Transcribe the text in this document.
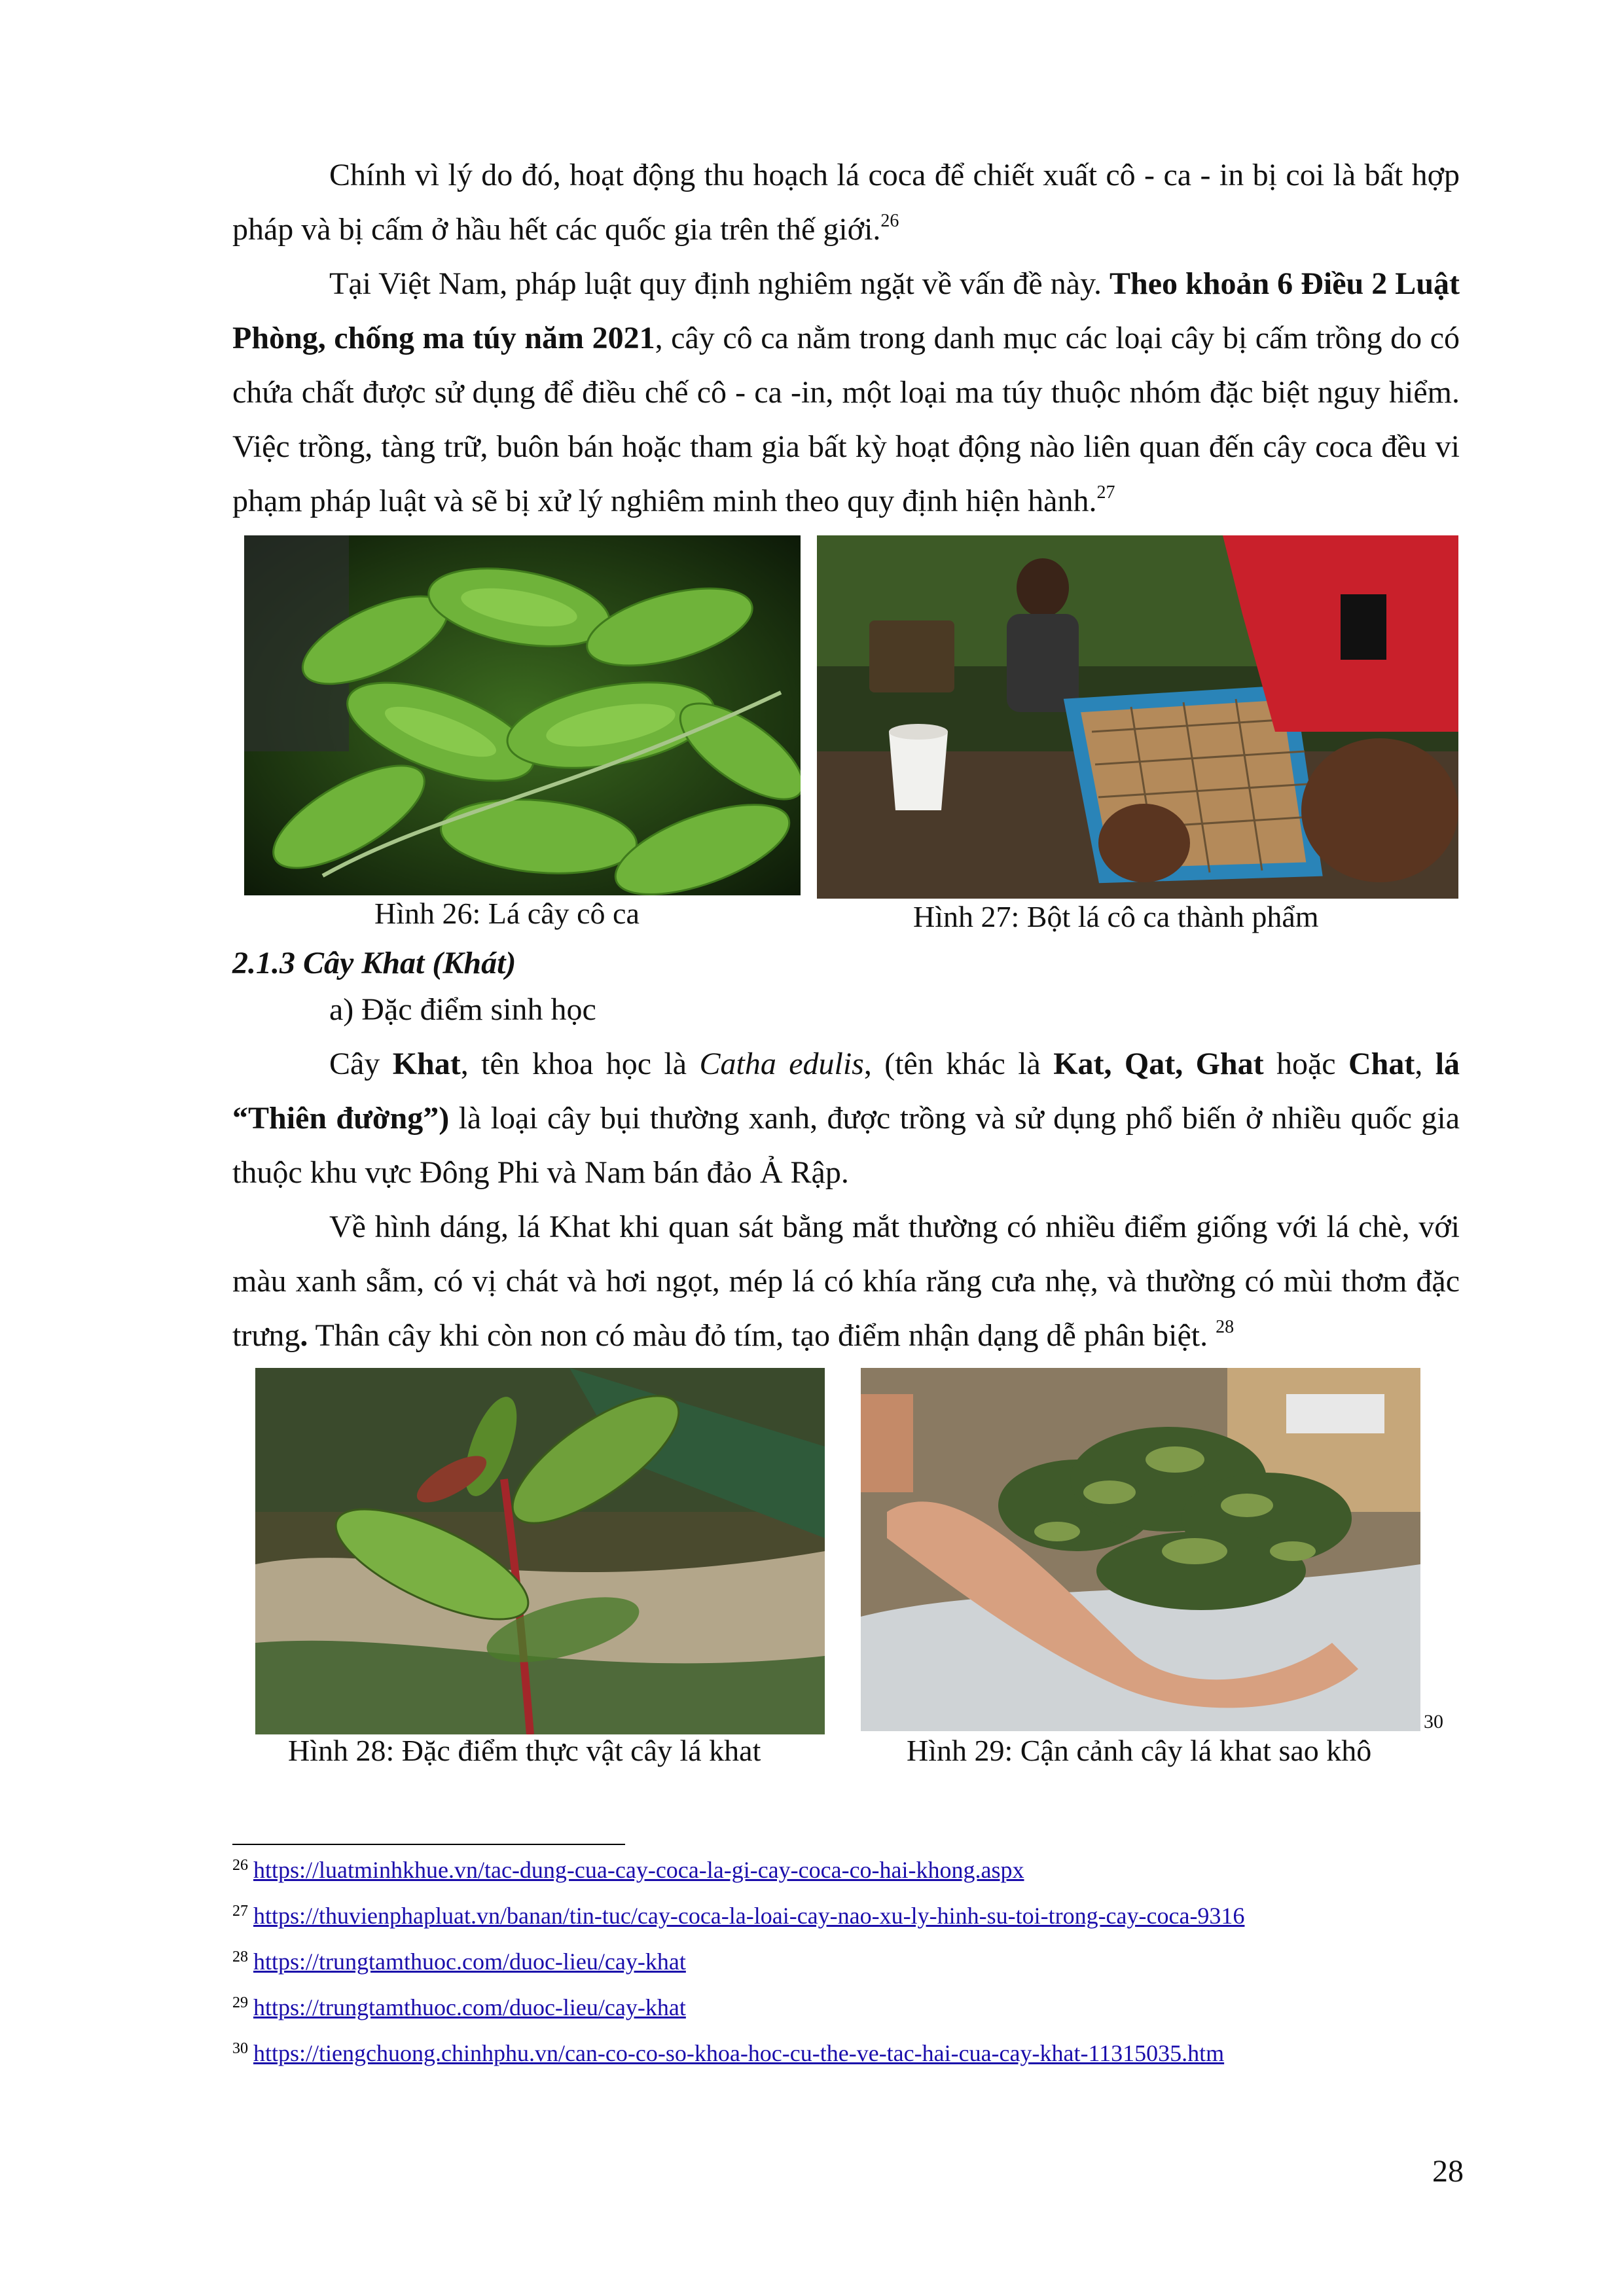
Chính vì lý do đó, hoạt động thu hoạch lá coca để chiết xuất cô - ca - in bị coi là bất hợp pháp và bị cấm ở hầu hết các quốc gia trên thế giới.$^{26}$

Tại Việt Nam, pháp luật quy định nghiêm ngặt về vấn đề này. Theo khoản 6 Điều 2 Luật Phòng, chống ma túy năm 2021, cây cô ca nằm trong danh mục các loại cây bị cấm trồng do có chứa chất được sử dụng để điều chế cô - ca -in, một loại ma túy thuộc nhóm đặc biệt nguy hiểm. Việc trồng, tàng trữ, buôn bán hoặc tham gia bất kỳ hoạt động nào liên quan đến cây coca đều vi phạm pháp luật và sẽ bị xử lý nghiêm minh theo quy định hiện hành.$^{27}$

Hình 26: Lá cây cô ca	Hình 27: Bột lá cô ca thành phẩm
2.1.3 Cây Khat (Khát)
a) Đặc điểm sinh học

Cây Khat, tên khoa học là Catha edulis, (tên khác là Kat, Qat, Ghat hoặc Chat, lá “Thiên đường”) là loại cây bụi thường xanh, được trồng và sử dụng phổ biến ở nhiều quốc gia thuộc khu vực Đông Phi và Nam bán đảo Ả Rập.

Về hình dáng, lá Khat khi quan sát bằng mắt thường có nhiều điểm giống với lá chè, với màu xanh sẫm, có vị chát và hơi ngọt, mép lá có khía răng cưa nhẹ, và thường có mùi thơm đặc trưng. Thân cây khi còn non có màu đỏ tím, tạo điểm nhận dạng dễ phân biệt. $^{28}$

30
Hình 28: Đặc điểm thực vật cây lá khat	Hình 29: Cận cảnh cây lá khat sao khô
$^{26}$ https://luatminhkhue.vn/tac-dung-cua-cay-coca-la-gi-cay-coca-co-hai-khong.aspx
$^{27}$ https://thuvienphapluat.vn/banan/tin-tuc/cay-coca-la-loai-cay-nao-xu-ly-hinh-su-toi-trong-cay-coca-9316
$^{28}$ https://trungtamthuoc.com/duoc-lieu/cay-khat
$^{29}$ https://trungtamthuoc.com/duoc-lieu/cay-khat
$^{30}$ https://tiengchuong.chinhphu.vn/can-co-co-so-khoa-hoc-cu-the-ve-tac-hai-cua-cay-khat-11315035.htm
28
